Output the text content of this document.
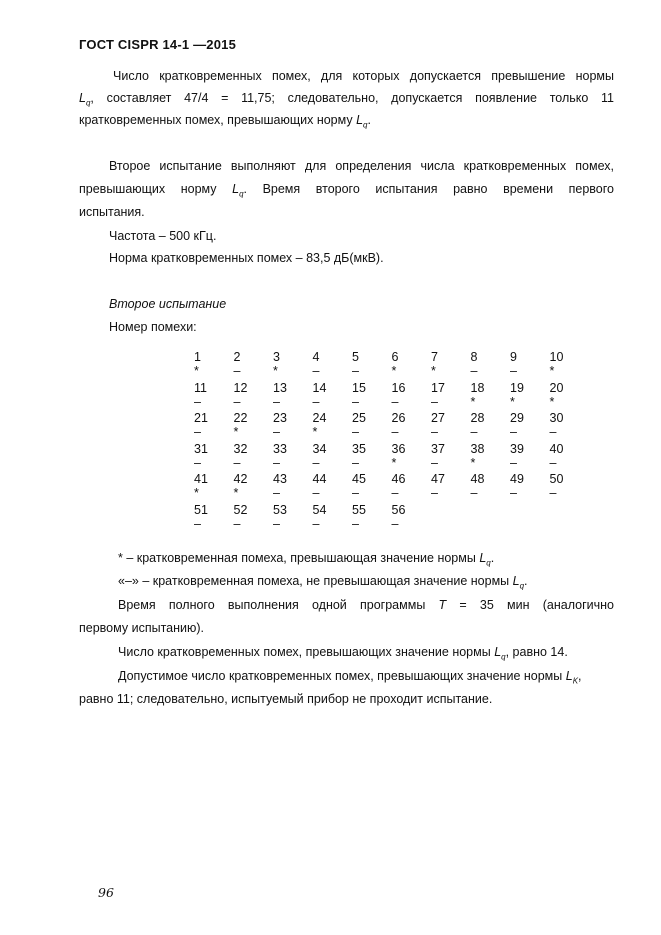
ГОСТ CISPR 14-1 —2015
Число кратковременных помех, для которых допускается превышение нормы
$L_q$, составляет 47/4 = 11,75; следовательно, допускается появление только 11
кратковременных помех, превышающих норму $L_q$.
Второе испытание выполняют для определения числа кратковременных помех,
превышающих норму $L_q$. Время второго испытания равно времени первого
испытания.
Частота – 500 кГц.
Норма кратковременных помех – 83,5 дБ(мкВ).
Второе испытание
Номер помехи:
1
*
2
–
3
*
4
–
5
–
6
*
7
*
8
–
9
–
10
*
11
–
12
–
13
–
14
–
15
–
16
–
17
–
18
*
19
*
20
*
21
–
22
*
23
–
24
*
25
–
26
–
27
–
28
–
29
–
30
–
31
–
32
–
33
–
34
–
35
–
36
*
37
–
38
*
39
–
40
–
41
*
42
*
43
–
44
–
45
–
46
–
47
–
48
–
49
–
50
–
51
–
52
–
53
–
54
–
55
–
56
–
* – кратковременная помеха, превышающая значение нормы $L_q$.
«–» – кратковременная помеха, не превышающая значение нормы $L_q$.
Время полного выполнения одной программы T = 35 мин (аналогично
первому испытанию).
Число кратковременных помех, превышающих значение нормы $L_q$, равно 14.
Допустимое число кратковременных помех, превышающих значение нормы $L_K$,
равно 11; следовательно, испытуемый прибор не проходит испытание.
96
